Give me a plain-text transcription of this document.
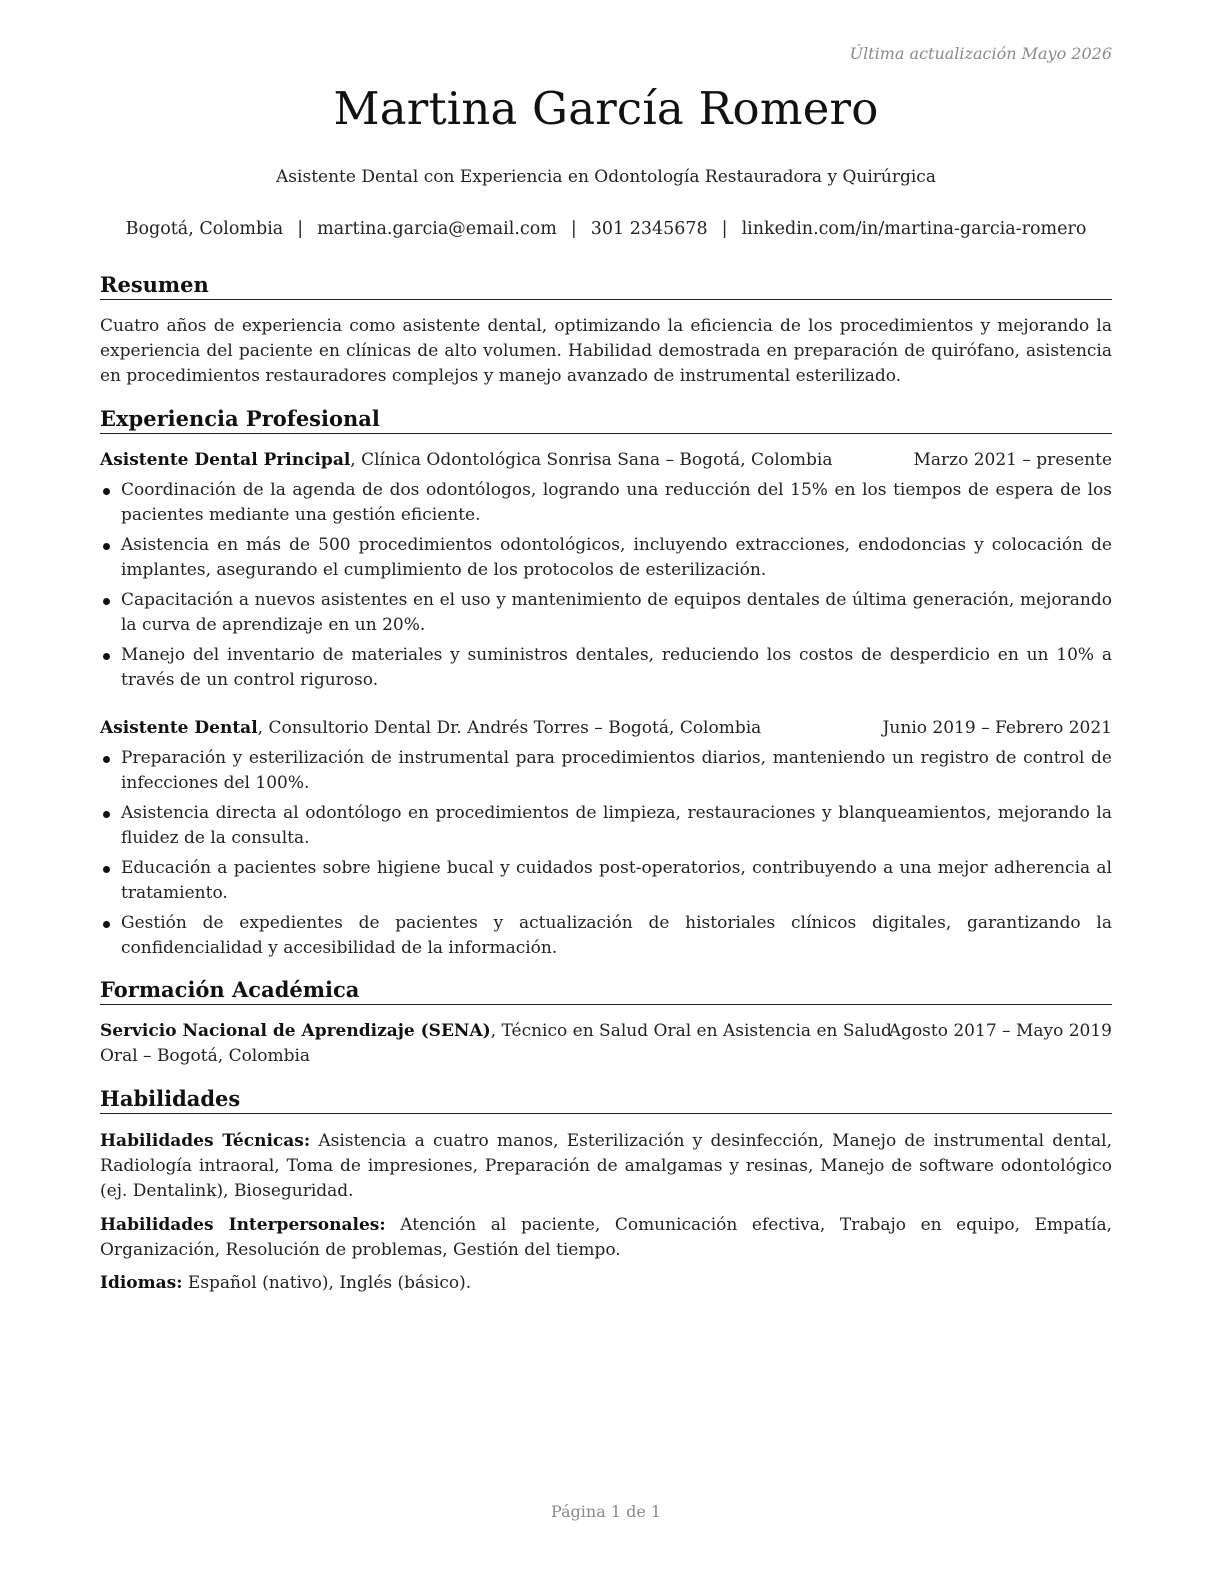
Última actualización Mayo 2026
Martina García Romero
Asistente Dental con Experiencia en Odontología Restauradora y Quirúrgica
Bogotá, Colombia | martina.garcia@email.com | 301 2345678 | linkedin.com/in/martina-garcia-romero
Resumen
Cuatro años de experiencia como asistente dental, optimizando la eficiencia de los procedimientos y mejorando la experiencia del paciente en clínicas de alto volumen. Habilidad demostrada en preparación de quirófano, asistencia en procedimientos restauradores complejos y manejo avanzado de instrumental esterilizado.
Experiencia Profesional
Asistente Dental Principal, Clínica Odontológica Sonrisa Sana – Bogotá, Colombia	Marzo 2021 – presente
Coordinación de la agenda de dos odontólogos, logrando una reducción del 15% en los tiempos de espera de los pacientes mediante una gestión eficiente.
Asistencia en más de 500 procedimientos odontológicos, incluyendo extracciones, endodoncias y colocación de implantes, asegurando el cumplimiento de los protocolos de esterilización.
Capacitación a nuevos asistentes en el uso y mantenimiento de equipos dentales de última generación, mejorando la curva de aprendizaje en un 20%.
Manejo del inventario de materiales y suministros dentales, reduciendo los costos de desperdicio en un 10% a través de un control riguroso.
Asistente Dental, Consultorio Dental Dr. Andrés Torres – Bogotá, Colombia	Junio 2019 – Febrero 2021
Preparación y esterilización de instrumental para procedimientos diarios, manteniendo un registro de control de infecciones del 100%.
Asistencia directa al odontólogo en procedimientos de limpieza, restauraciones y blanqueamientos, mejorando la fluidez de la consulta.
Educación a pacientes sobre higiene bucal y cuidados post-operatorios, contribuyendo a una mejor adherencia al tratamiento.
Gestión de expedientes de pacientes y actualización de historiales clínicos digitales, garantizando la confidencialidad y accesibilidad de la información.
Formación Académica
Servicio Nacional de Aprendizaje (SENA), Técnico en Salud Oral en Asistencia en Salud
Agosto 2017 – Mayo 2019
Oral – Bogotá, Colombia
Habilidades
Habilidades Técnicas: Asistencia a cuatro manos, Esterilización y desinfección, Manejo de instrumental dental, Radiología intraoral, Toma de impresiones, Preparación de amalgamas y resinas, Manejo de software odontológico (ej. Dentalink), Bioseguridad.
Habilidades Interpersonales: Atención al paciente, Comunicación efectiva, Trabajo en equipo, Empatía, Organización, Resolución de problemas, Gestión del tiempo.
Idiomas: Español (nativo), Inglés (básico).
Página 1 de 1
